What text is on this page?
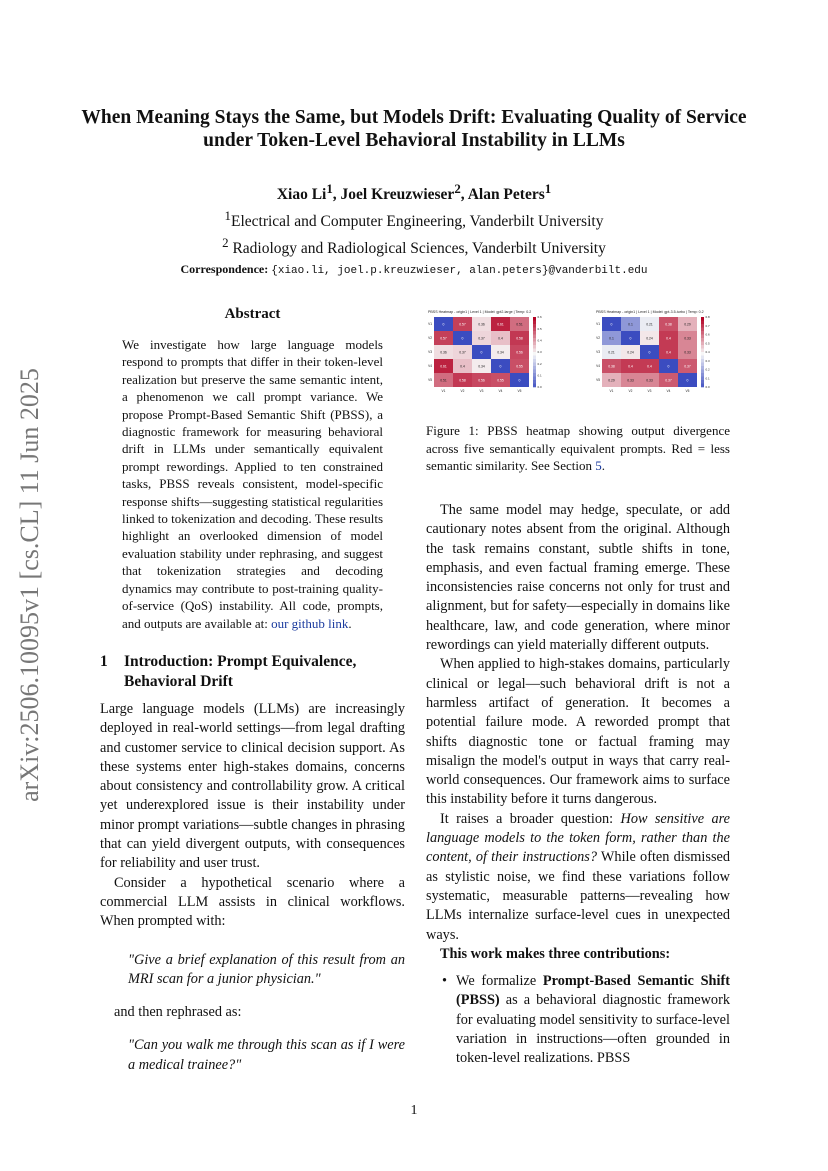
When Meaning Stays the Same, but Models Drift: Evaluating Quality of Service under Token-Level Behavioral Instability in LLMs
Xiao Li$^1$, Joel Kreuzwieser$^2$, Alan Peters$^1$
$^1$Electrical and Computer Engineering, Vanderbilt University
$^2$ Radiology and Radiological Sciences, Vanderbilt University
Correspondence: {xiao.li, joel.p.kreuzwieser, alan.peters}@vanderbilt.edu
arXiv:2506.10095v1 [cs.CL] 11 Jun 2025
Abstract
We investigate how large language models respond to prompts that differ in their token-level realization but preserve the same semantic intent, a phenomenon we call prompt variance. We propose Prompt-Based Semantic Shift (PBSS), a diagnostic framework for measuring behavioral drift in LLMs under semantically equivalent prompt rewordings. Applied to ten constrained tasks, PBSS reveals consistent, model-specific response shifts—suggesting statistical regularities linked to tokenization and decoding. These results highlight an overlooked dimension of model evaluation stability under rephrasing, and suggest that tokenization strategies and decoding dynamics may contribute to post-training quality-of-service (QoS) instability. All code, prompts, and outputs are available at: our github link.
1 Introduction: Prompt Equivalence, Behavioral Drift

Large language models (LLMs) are increasingly deployed in real-world settings—from legal drafting and customer service to clinical decision support. As these systems enter high-stakes domains, concerns about consistency and controllability grow. A critical yet underexplored issue is their instability under minor prompt variations—subtle changes in phrasing that can yield divergent outputs, with consequences for reliability and user trust.

Consider a hypothetical scenario where a commercial LLM assists in clinical workflows. When prompted with:

"Give a brief explanation of this result from an MRI scan for a junior physician."

and then rephrased as:

"Can you walk me through this scan as if I were a medical trainee?"

PBSS Heatmap - origin1 | Level 1 | Model: gpt2-large | Temp: 0.2
0	0.57	0.36	0.61	0.51
V1
0.57	0	0.37	0.4	0.58
V2
0.36	0.37	0	0.34	0.56
V3
0.61	0.4	0.34	0	0.55
V4
0.51	0.58	0.56	0.55	0
V5
V1	V2	V3	V4	V5
0.6
0.5
0.4
0.3
0.2
0.1
0.0
PBSS Heatmap - origin1 | Level 1 | Model: gpt-3.5-turbo | Temp: 0.2
0	0.1	0.21	0.38	0.29
V1
0.1	0	0.24	0.4	0.33
V2
0.21	0.24	0	0.4	0.33
V3
0.38	0.4	0.4	0	0.37
V4
0.29	0.33	0.33	0.37	0
V5
V1	V2	V3	V4	V5
0.8
0.7
0.6
0.5
0.4
0.3
0.2
0.1
0.0
Figure 1: PBSS heatmap showing output divergence across five semantically equivalent prompts. Red = less semantic similarity. See Section 5.

The same model may hedge, speculate, or add cautionary notes absent from the original. Although the task remains constant, subtle shifts in tone, emphasis, and even factual framing emerge. These inconsistencies raise concerns not only for trust and alignment, but for safety—especially in domains like healthcare, law, and code generation, where minor rewordings can yield materially different outputs.

When applied to high-stakes domains, particularly clinical or legal—such behavioral drift is not a harmless artifact of generation. It becomes a potential failure mode. A reworded prompt that shifts diagnostic tone or factual framing may misalign the model's output in ways that carry real-world consequences. Our framework aims to surface this instability before it turns dangerous.

It raises a broader question: How sensitive are language models to the token form, rather than the content, of their instructions? While often dismissed as stylistic noise, we find these variations follow systematic, measurable patterns—revealing how LLMs internalize surface-level cues in unexpected ways.

This work makes three contributions:

• We formalize Prompt-Based Semantic Shift (PBSS) as a behavioral diagnostic framework for evaluating model sensitivity to surface-level variation in instructions—often grounded in token-level realizations. PBSS
1
